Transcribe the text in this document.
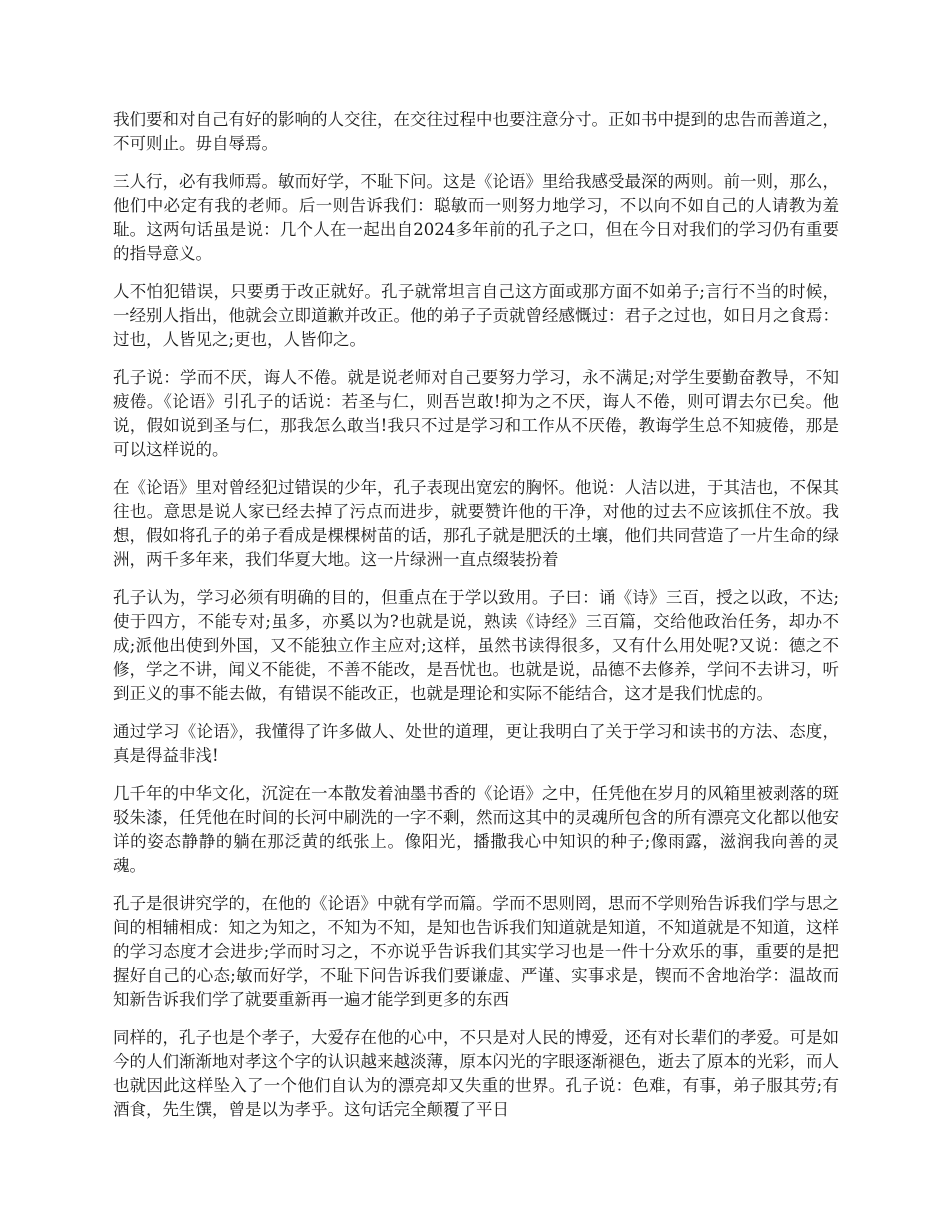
我们要和对自己有好的影响的人交往，在交往过程中也要注意分寸。正如书中提到的忠告而善道之，不可则止。毋自辱焉。

三人行，必有我师焉。敏而好学，不耻下问。这是《论语》里给我感受最深的两则。前一则，那么，他们中必定有我的老师。后一则告诉我们：聪敏而一则努力地学习，不以向不如自己的人请教为羞耻。这两句话虽是说：几个人在一起出自2024多年前的孔子之口，但在今日对我们的学习仍有重要的指导意义。

人不怕犯错误，只要勇于改正就好。孔子就常坦言自己这方面或那方面不如弟子;言行不当的时候，一经别人指出，他就会立即道歉并改正。他的弟子子贡就曾经感慨过：君子之过也，如日月之食焉：过也，人皆见之;更也，人皆仰之。

孔子说：学而不厌，诲人不倦。就是说老师对自己要努力学习，永不满足;对学生要勤奋教导，不知疲倦。《论语》引孔子的话说：若圣与仁，则吾岂敢!抑为之不厌，诲人不倦，则可谓去尔已矣。他说，假如说到圣与仁，那我怎么敢当!我只不过是学习和工作从不厌倦，教诲学生总不知疲倦，那是可以这样说的。

在《论语》里对曾经犯过错误的少年，孔子表现出宽宏的胸怀。他说：人洁以进，于其洁也，不保其往也。意思是说人家已经去掉了污点而进步，就要赞许他的干净，对他的过去不应该抓住不放。我想，假如将孔子的弟子看成是棵棵树苗的话，那孔子就是肥沃的土壤，他们共同营造了一片生命的绿洲，两千多年来，我们华夏大地。这一片绿洲一直点缀装扮着

孔子认为，学习必须有明确的目的，但重点在于学以致用。子曰：诵《诗》三百，授之以政，不达;使于四方，不能专对;虽多，亦奚以为?也就是说，熟读《诗经》三百篇，交给他政治任务，却办不成;派他出使到外国，又不能独立作主应对;这样，虽然书读得很多，又有什么用处呢?又说：德之不修，学之不讲，闻义不能徙，不善不能改，是吾忧也。也就是说，品德不去修养，学问不去讲习，听到正义的事不能去做，有错误不能改正，也就是理论和实际不能结合，这才是我们忧虑的。

通过学习《论语》，我懂得了许多做人、处世的道理，更让我明白了关于学习和读书的方法、态度，真是得益非浅!

几千年的中华文化，沉淀在一本散发着油墨书香的《论语》之中，任凭他在岁月的风箱里被剥落的斑驳朱漆，任凭他在时间的长河中刷洗的一字不剩，然而这其中的灵魂所包含的所有漂亮文化都以他安详的姿态静静的躺在那泛黄的纸张上。像阳光，播撒我心中知识的种子;像雨露，滋润我向善的灵魂。

孔子是很讲究学的，在他的《论语》中就有学而篇。学而不思则罔，思而不学则殆告诉我们学与思之间的相辅相成：知之为知之，不知为不知，是知也告诉我们知道就是知道，不知道就是不知道，这样的学习态度才会进步;学而时习之，不亦说乎告诉我们其实学习也是一件十分欢乐的事，重要的是把握好自己的心态;敏而好学，不耻下问告诉我们要谦虚、严谨、实事求是，锲而不舍地治学：温故而知新告诉我们学了就要重新再一遍才能学到更多的东西

同样的，孔子也是个孝子，大爱存在他的心中，不只是对人民的博爱，还有对长辈们的孝爱。可是如今的人们渐渐地对孝这个字的认识越来越淡薄，原本闪光的字眼逐渐褪色，逝去了原本的光彩，而人也就因此这样坠入了一个他们自认为的漂亮却又失重的世界。孔子说：色难，有事，弟子服其劳;有酒食，先生馔，曾是以为孝乎。这句话完全颠覆了平日
